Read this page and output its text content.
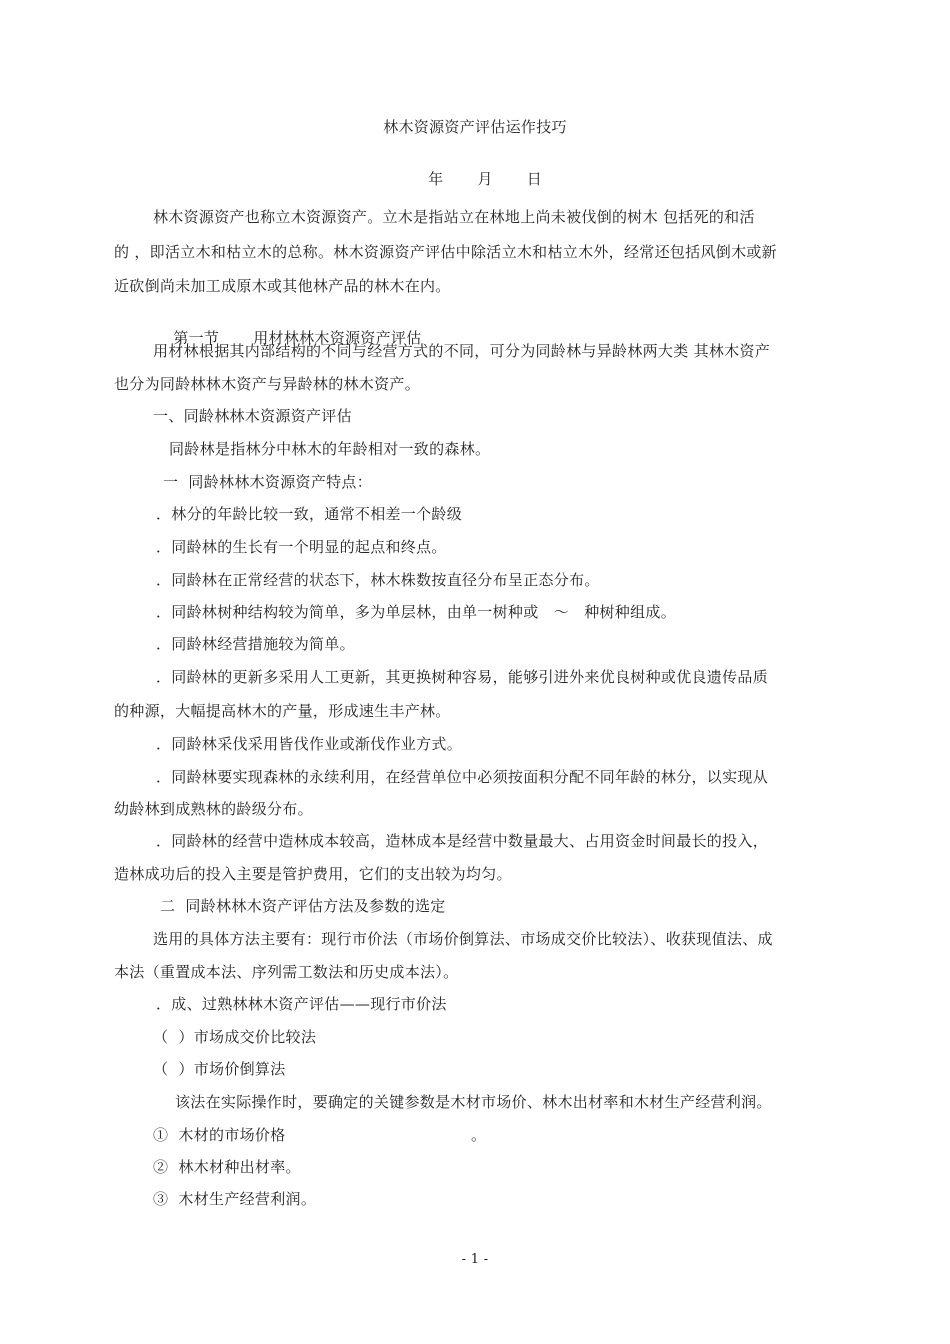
林木资源资产评估运作技巧

年 月 日

林木资源资产也称立木资源资产。立木是指站立在林地上尚未被伐倒的树木 包括死的和活
的 ，即活立木和枯立木的总称。林木资源资产评估中除活立木和枯立木外，经常还包括风倒木或新
近砍倒尚未加工成原木或其他林产品的林木在内。

第一节 用材林林木资源资产评估

用材林根据其内部结构的不同与经营方式的不同，可分为同龄林与异龄林两大类 其林木资产
也分为同龄林林木资产与异龄林的林木资产。
一、同龄林林木资源资产评估
同龄林是指林分中林木的年龄相对一致的森林。
一  同龄林林木资源资产特点：
．林分的年龄比较一致，通常不相差一个龄级
．同龄林的生长有一个明显的起点和终点。
．同龄林在正常经营的状态下，林木株数按直径分布呈正态分布。
．同龄林树种结构较为简单，多为单层林，由单一树种或   ～   种树种组成。
．同龄林经营措施较为简单。
．同龄林的更新多采用人工更新，其更换树种容易，能够引进外来优良树种或优良遗传品质
的种源，大幅提高林木的产量，形成速生丰产林。
．同龄林采伐采用皆伐作业或渐伐作业方式。
．同龄林要实现森林的永续利用，在经营单位中必须按面积分配不同年龄的林分，以实现从
幼龄林到成熟林的龄级分布。
．同龄林的经营中造林成本较高，造林成本是经营中数量最大、占用资金时间最长的投入，
造林成功后的投入主要是管护费用，它们的支出较为均匀。
二  同龄林林木资产评估方法及参数的选定
选用的具体方法主要有：现行市价法（市场价倒算法、市场成交价比较法）、收获现值法、成
本法（重置成本法、序列需工数法和历史成本法）。
．成、过熟林林木资产评估——现行市价法
（  ）市场成交价比较法
（  ）市场价倒算法
该法在实际操作时，要确定的关键参数是木材市场价、林木出材率和木材生产经营利润。
①  木材的市场价格	。
②  林木材种出材率。
③  木材生产经营利润。
- 1 -
